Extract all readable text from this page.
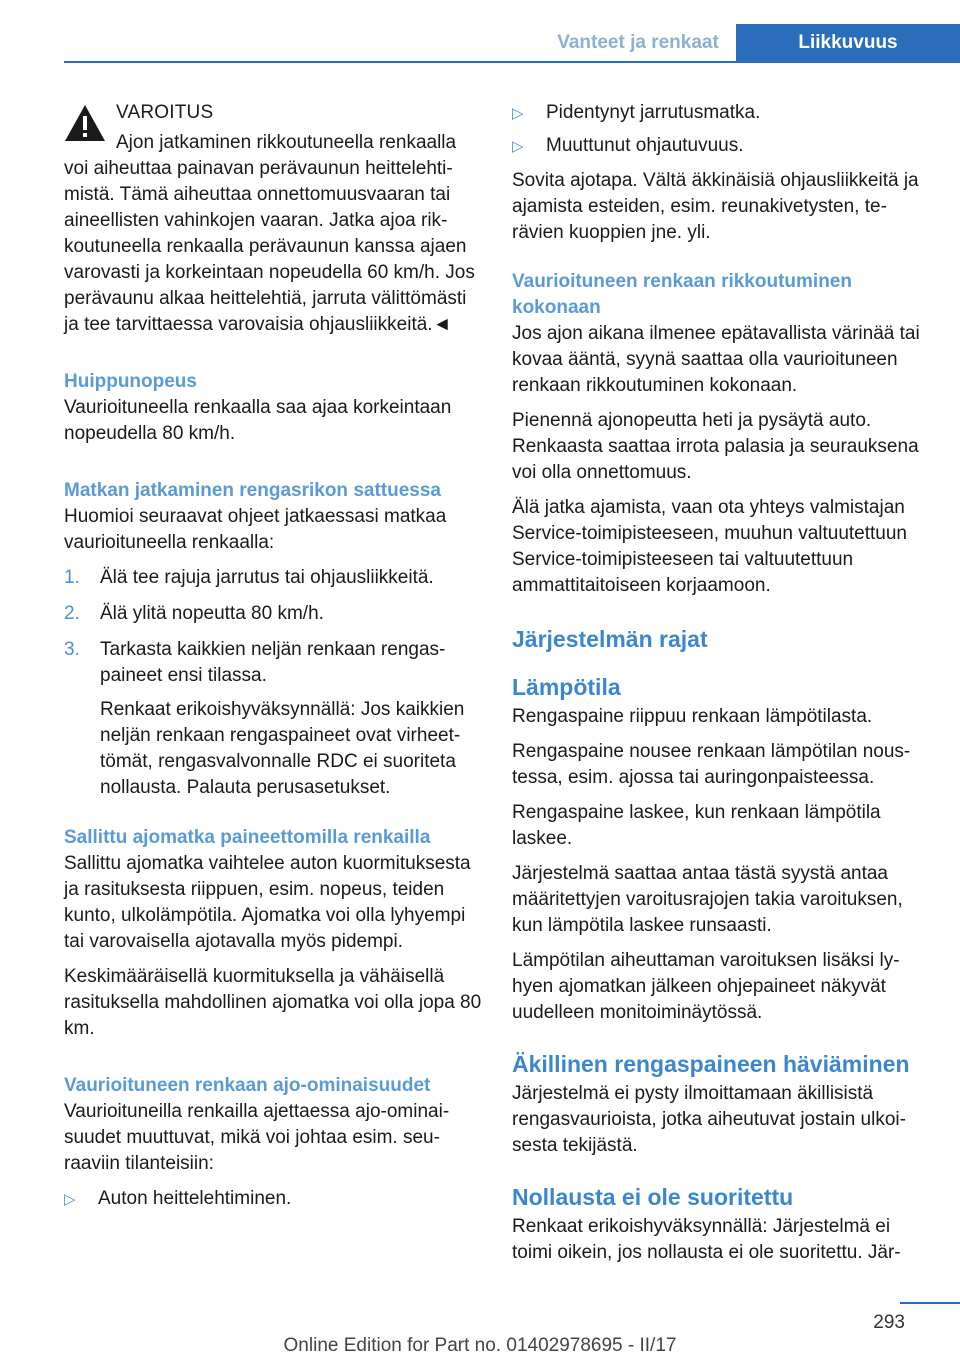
Vanteet ja renkaat	Liikkuvuus

VAROITUS

Ajon jatkaminen rikkoutuneella renkaalla

voi aiheuttaa painavan perävaunun heittelehtimistä. Tämä aiheuttaa onnettomuusvaaran tai aineellisten vahinkojen vaaran. Jatka ajoa rikkoutuneella renkaalla perävaunun kanssa ajaen varovasti ja korkeintaan nopeudella 60 km/h. Jos perävaunu alkaa heittelehtiä, jarruta välittömästi ja tee tarvittaessa varovaisia ohjausliikkeitä.◄

Huippunopeus

Vaurioituneella renkaalla saa ajaa korkeintaan nopeudella 80 km/h.

Matkan jatkaminen rengasrikon sattuessa

Huomioi seuraavat ohjeet jatkaessasi matkaa vaurioituneella renkaalla:

1. Älä tee rajuja jarrutus tai ohjausliikkeitä.
2. Älä ylitä nopeutta 80 km/h.
3. Tarkasta kaikkien neljän renkaan rengaspaineet ensi tilassa.

Renkaat erikoishyväksynnällä: Jos kaikkien neljän renkaan rengaspaineet ovat virheettömät, rengasvalvonnalle RDC ei suoriteta nollausta. Palauta perusasetukset.

Sallittu ajomatka paineettomilla renkailla

Sallittu ajomatka vaihtelee auton kuormituksesta ja rasituksesta riippuen, esim. nopeus, teiden kunto, ulkolämpötila. Ajomatka voi olla lyhyempi tai varovaisella ajotavalla myös pidempi.

Keskimääräisellä kuormituksella ja vähäisellä rasituksella mahdollinen ajomatka voi olla jopa 80 km.

Vaurioituneen renkaan ajo-ominaisuudet

Vaurioituneilla renkailla ajettaessa ajo-ominaisuudet muuttuvat, mikä voi johtaa esim. seuraaviin tilanteisiin:

▷ Auton heittelehtiminen.
▷ Pidentynyt jarrutusmatka.
▷ Muuttunut ohjautuvuus.

Sovita ajotapa. Vältä äkkinäisiä ohjausliikkeitä ja ajamista esteiden, esim. reunakivetysten, terävien kuoppien jne. yli.

Vaurioituneen renkaan rikkoutuminen kokonaan

Jos ajon aikana ilmenee epätavallista värinää tai kovaa ääntä, syynä saattaa olla vaurioituneen renkaan rikkoutuminen kokonaan.

Pienennä ajonopeutta heti ja pysäytä auto. Renkaasta saattaa irrota palasia ja seurauksena voi olla onnettomuus.

Älä jatka ajamista, vaan ota yhteys valmistajan Service-toimipisteeseen, muuhun valtuutettuun Service-toimipisteeseen tai valtuutettuun ammattitaitoiseen korjaamoon.

Järjestelmän rajat

Lämpötila

Rengaspaine riippuu renkaan lämpötilasta.

Rengaspaine nousee renkaan lämpötilan noustessa, esim. ajossa tai auringonpaisteessa.

Rengaspaine laskee, kun renkaan lämpötila laskee.

Järjestelmä saattaa antaa tästä syystä antaa määritettyjen varoitusrajojen takia varoituksen, kun lämpötila laskee runsaasti.

Lämpötilan aiheuttaman varoituksen lisäksi lyhyen ajomatkan jälkeen ohjepaineet näkyvät uudelleen monitoiminäytössä.

Äkillinen rengaspaineen häviäminen

Järjestelmä ei pysty ilmoittamaan äkillisistä rengasvaurioista, jotka aiheutuvat jostain ulkoisesta tekijästä.

Nollausta ei ole suoritettu

Renkaat erikoishyväksynnällä: Järjestelmä ei toimi oikein, jos nollausta ei ole suoritettu. Jär-

293
Online Edition for Part no. 01402978695 - II/17
